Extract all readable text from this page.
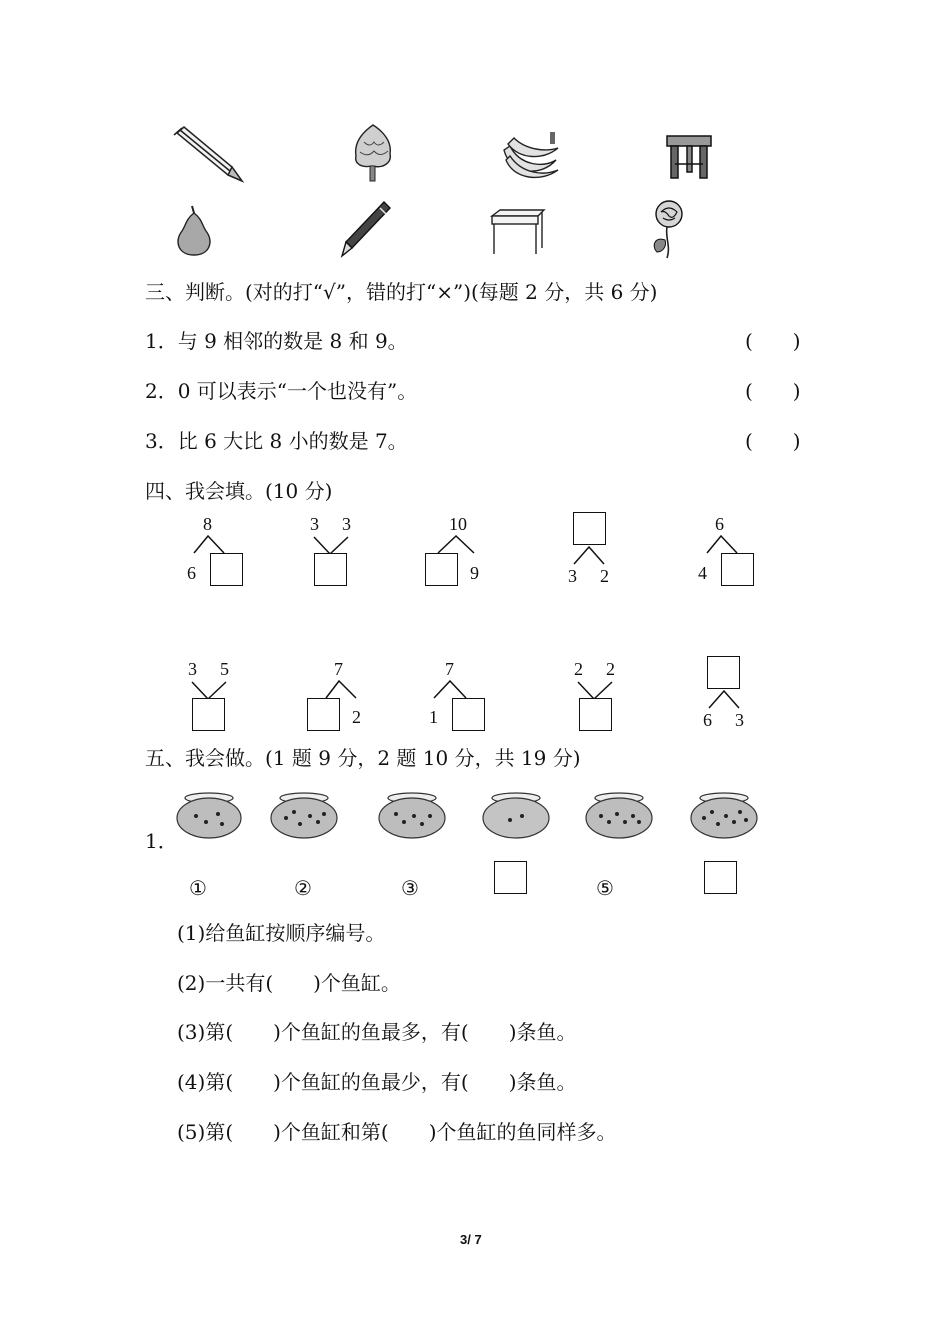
三、判断。(对的打“√”，错的打“×”)(每题 2 分，共 6 分)
1．与 9 相邻的数是 8 和 9。	(　　)
2．0 可以表示“一个也没有”。	(　　)
3．比 6 大比 8 小的数是 7。	(　　)
四、我会填。(10 分)
8
6
3 3	10
9	3 2
6
4
3 5	7
2
7
1
2 2
6 3
五、我会做。(1 题 9 分，2 题 10 分，共 19 分)
1．
①	②	③	⑤
(1)给鱼缸按顺序编号。
(2)一共有(　　)个鱼缸。
(3)第(　　)个鱼缸的鱼最多，有(　　)条鱼。
(4)第(　　)个鱼缸的鱼最少，有(　　)条鱼。
(5)第(　　)个鱼缸和第(　　)个鱼缸的鱼同样多。
3/ 7
